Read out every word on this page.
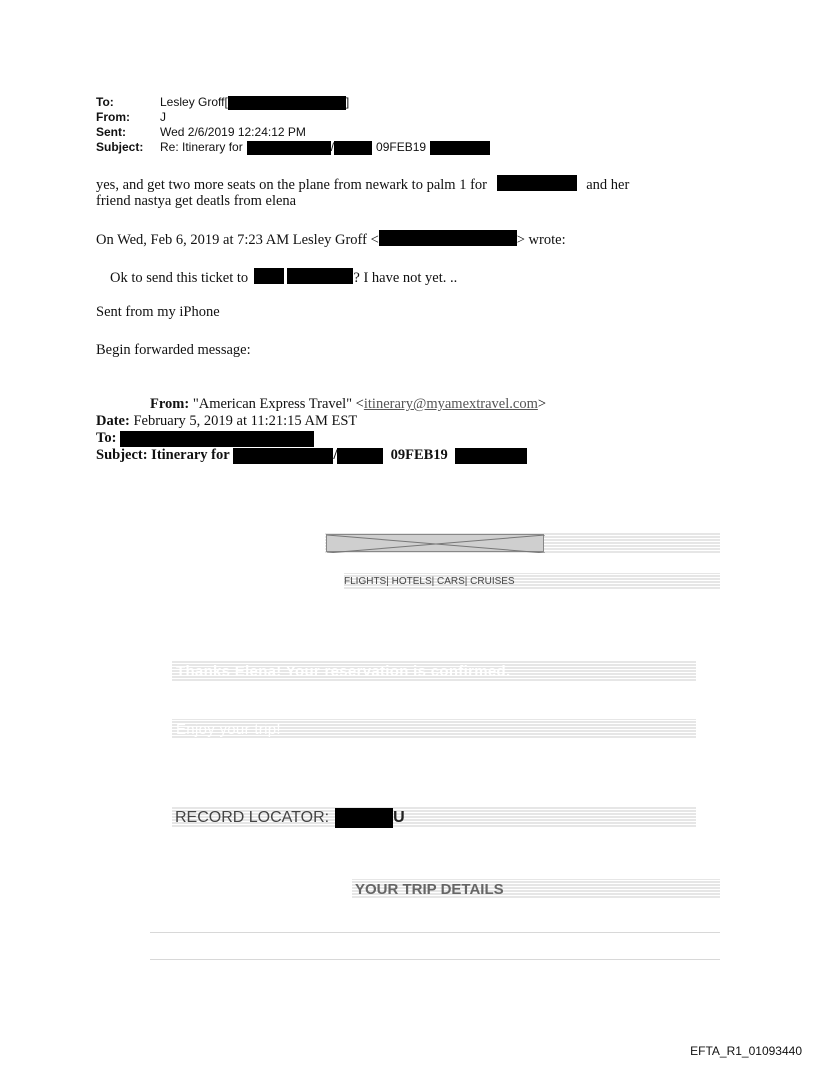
To:	Lesley Groff[	]
From:	J
Sent:	Wed 2/6/2019 12:24:12 PM
Subject:	Re: Itinerary for	/	09FEB19
yes, and get two more seats on the plane from newark to palm 1 for	and her
friend nastya get deatls from elena
On Wed, Feb 6, 2019 at 7:23 AM Lesley Groff <	> wrote:
Ok to send this ticket to	? I have not yet. ..
Sent from my iPhone
Begin forwarded message:
From:
"American Express Travel" < itinerary@myamextravel.com >
Date:
February 5, 2019 at 11:21:15 AM EST
To:

Subject: Itinerary for
	/
	09FEB19

FLIGHTS| HOTELS| CARS| CRUISES
Thanks Elena! Your reservation is confirmed.
Enjoy your trip!
RECORD LOCATOR:	U
YOUR TRIP DETAILS
EFTA_R1_01093440
